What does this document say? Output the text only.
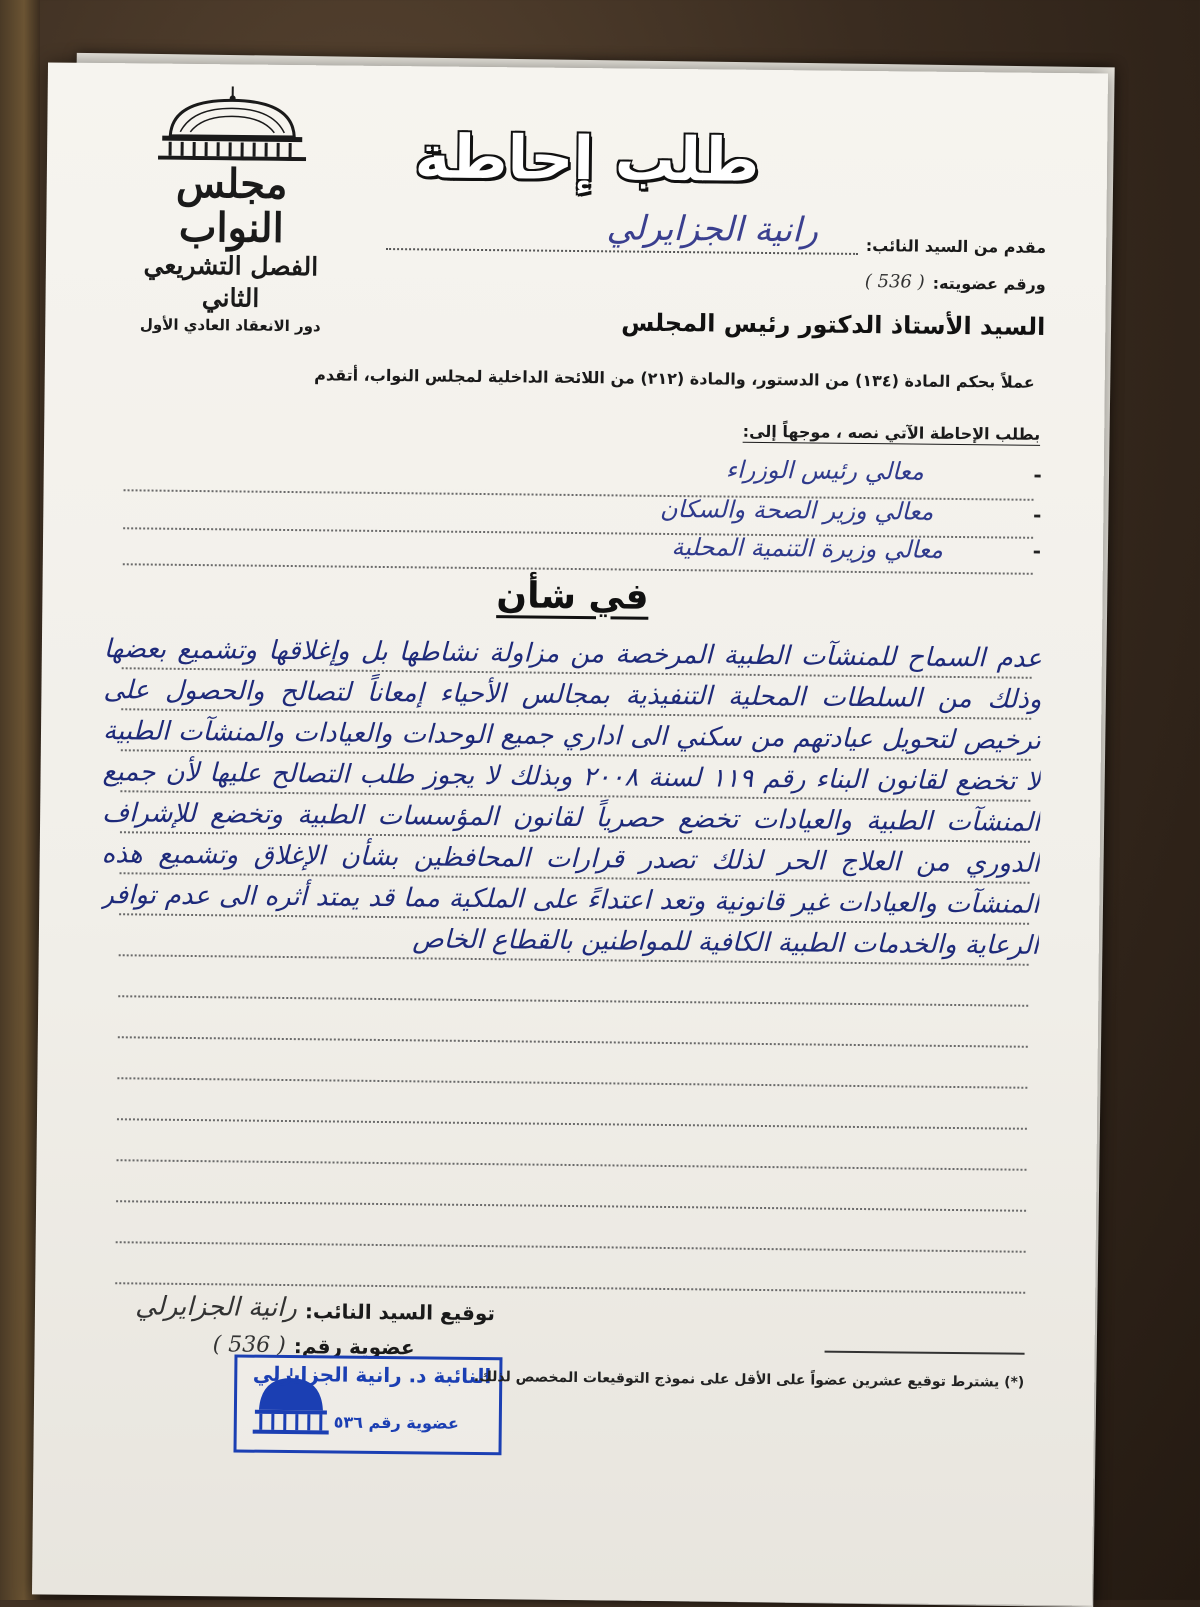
مجلس النواب
الفصل التشريعي الثاني
دور الانعقاد العادي الأول
طلب إحاطة
مقدم من السيد النائب:
رانية الجزايرلي
ورقم عضويته:
( 536 )
السيد الأستاذ الدكتور رئيس المجلس
عملاً بحكم المادة (١٣٤) من الدستور، والمادة (٢١٢) من اللائحة الداخلية لمجلس النواب، أتقدم
بطلب الإحاطة الآتي نصه ، موجهاً إلى:
-
معالي رئيس الوزراء
-
معالي وزير الصحة والسكان
-
معالي وزيرة التنمية المحلية
في شأن
عدم السماح للمنشآت الطبية المرخصة من مزاولة نشاطها بل وإغلاقها وتشميع بعضها وذلك من السلطات المحلية التنفيذية بمجالس الأحياء إمعاناً لتصالح والحصول على ترخيص لتحويل عيادتهم من سكني الى اداري جميع الوحدات والعيادات والمنشآت الطبية لا تخضع لقانون البناء رقم ١١٩ لسنة ٢٠٠٨ وبذلك لا يجوز طلب التصالح عليها لأن جميع المنشآت الطبية والعيادات تخضع حصرياً لقانون المؤسسات الطبية وتخضع للإشراف الدوري من العلاج الحر لذلك تصدر قرارات المحافظين بشأن الإغلاق وتشميع هذه المنشآت والعيادات غير قانونية وتعد اعتداءً على الملكية مما قد يمتد أثره الى عدم توافر الرعاية والخدمات الطبية الكافية للمواطنين بالقطاع الخاص
توقيع السيد النائب:
رانية الجزايرلي
عضوية رقم:
( 536 )
النائبة د. رانية الجزايرلي
عضوية رقم ٥٣٦
(*) يشترط توقيع عشرين عضواً على الأقل على نموذج التوقيعات المخصص لذلك.
